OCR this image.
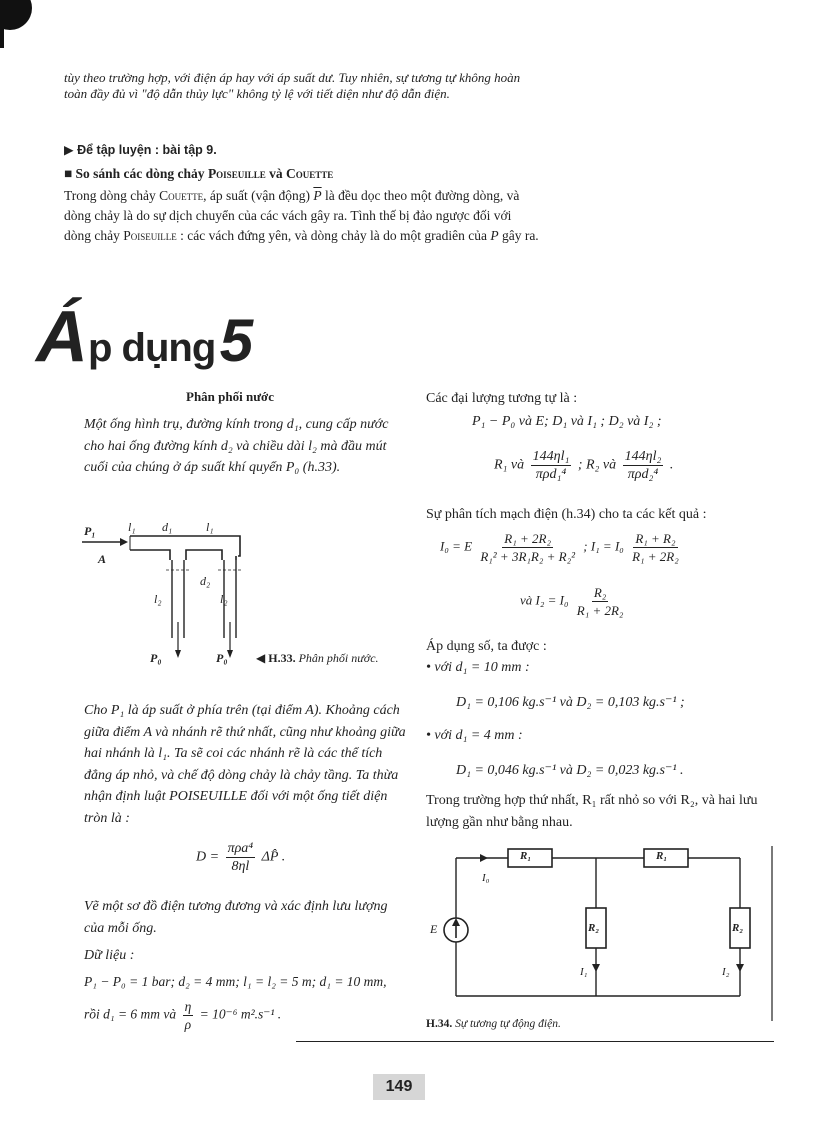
tùy theo trường hợp, với điện áp hay với áp suất dư. Tuy nhiên, sự tương tự không hoàn toàn đầy đủ vì "độ dẫn thủy lực" không tỷ lệ với tiết diện như độ dẫn điện.
▶ Để tập luyện : bài tập 9.
■ So sánh các dòng chảy Poiseuille và Couette
Trong dòng chảy Couette, áp suất (vận động) $\overline{P}$ là đều dọc theo một đường dòng, và dòng chảy là do sự dịch chuyển của các vách gây ra. Tình thế bị đảo ngược đối với dòng chảy Poiseuille : các vách đứng yên, và dòng chảy là do một gradiên của P gây ra.
Áp dụng 5
Phân phối nước
Một ống hình trụ, đường kính trong d₁, cung cấp nước cho hai ống đường kính d₂ và chiều dài l₂ mà đầu mút cuối của chúng ở áp suất khí quyển P₀ (h.33).
P₁
A
l₁ d₁	l₁
d₂
l₂	l₂
P₀	P₀ ◀ H.33. Phân phối nước.
Cho P₁ là áp suất ở phía trên (tại điểm A). Khoảng cách giữa điểm A và nhánh rẽ thứ nhất, cũng như khoảng giữa hai nhánh là l₁. Ta sẽ coi các nhánh rẽ là các thể tích đẳng áp nhỏ, và chế độ dòng chảy là chảy tầng. Ta thừa nhận định luật POISEUILLE đối với một ống tiết diện tròn là :
$D = \frac{\text{πρa⁴}}{8\eta l}$ ΔP̂ .
Vẽ một sơ đồ điện tương đương và xác định lưu lượng của mỗi ống.
Dữ liệu :
P₁ − P₀ = 1 bar; d₂ = 4 mm; l₁ = l₂ = 5 m; d₁ = 10 mm,
rồi d₁ = 6 mm và $\frac{\eta}{\rho} = 10^{-6}$ m².s⁻¹ .
Các đại lượng tương tự là :
P₁ − P₀ và E; D₁ và I₁ ; D₂ và I₂ ;
R₁ và $\frac{\text{144ηl₁}}{\text{πρd₁⁴}}$ ; R₂ và $\frac{\text{144ηl₂}}{\text{πρd₂⁴}}$ .
Sự phân tích mạch điện (h.34) cho ta các kết quả :
I₀ = E $\frac{\text{R₁ + 2R₂}}{\text{R₁² + 3R₁R₂ + R₂²}}$ ; $I_1 = I_0 \frac{\text{R₁ + R₂}}{\text{R₁ + 2R₂}}$
và $I_2 = I_0 \frac{\text{R₂}}{\text{R₁ + 2R₂}}$
Áp dụng số, ta được :
• với d₁ = 10 mm :
D₁ = 0,106 kg.s⁻¹ và D₂ = 0,103 kg.s⁻¹ ;
• với d₁ = 4 mm :
D₁ = 0,046 kg.s⁻¹ và D₂ = 0,023 kg.s⁻¹ .
Trong trường hợp thứ nhất, R₁ rất nhỏ so với R₂, và hai lưu lượng gần như bằng nhau.
R₁	R₁
R₂	R₂
I₀
E
I₁	I₂
H.34. Sự tương tự động điện.
149
